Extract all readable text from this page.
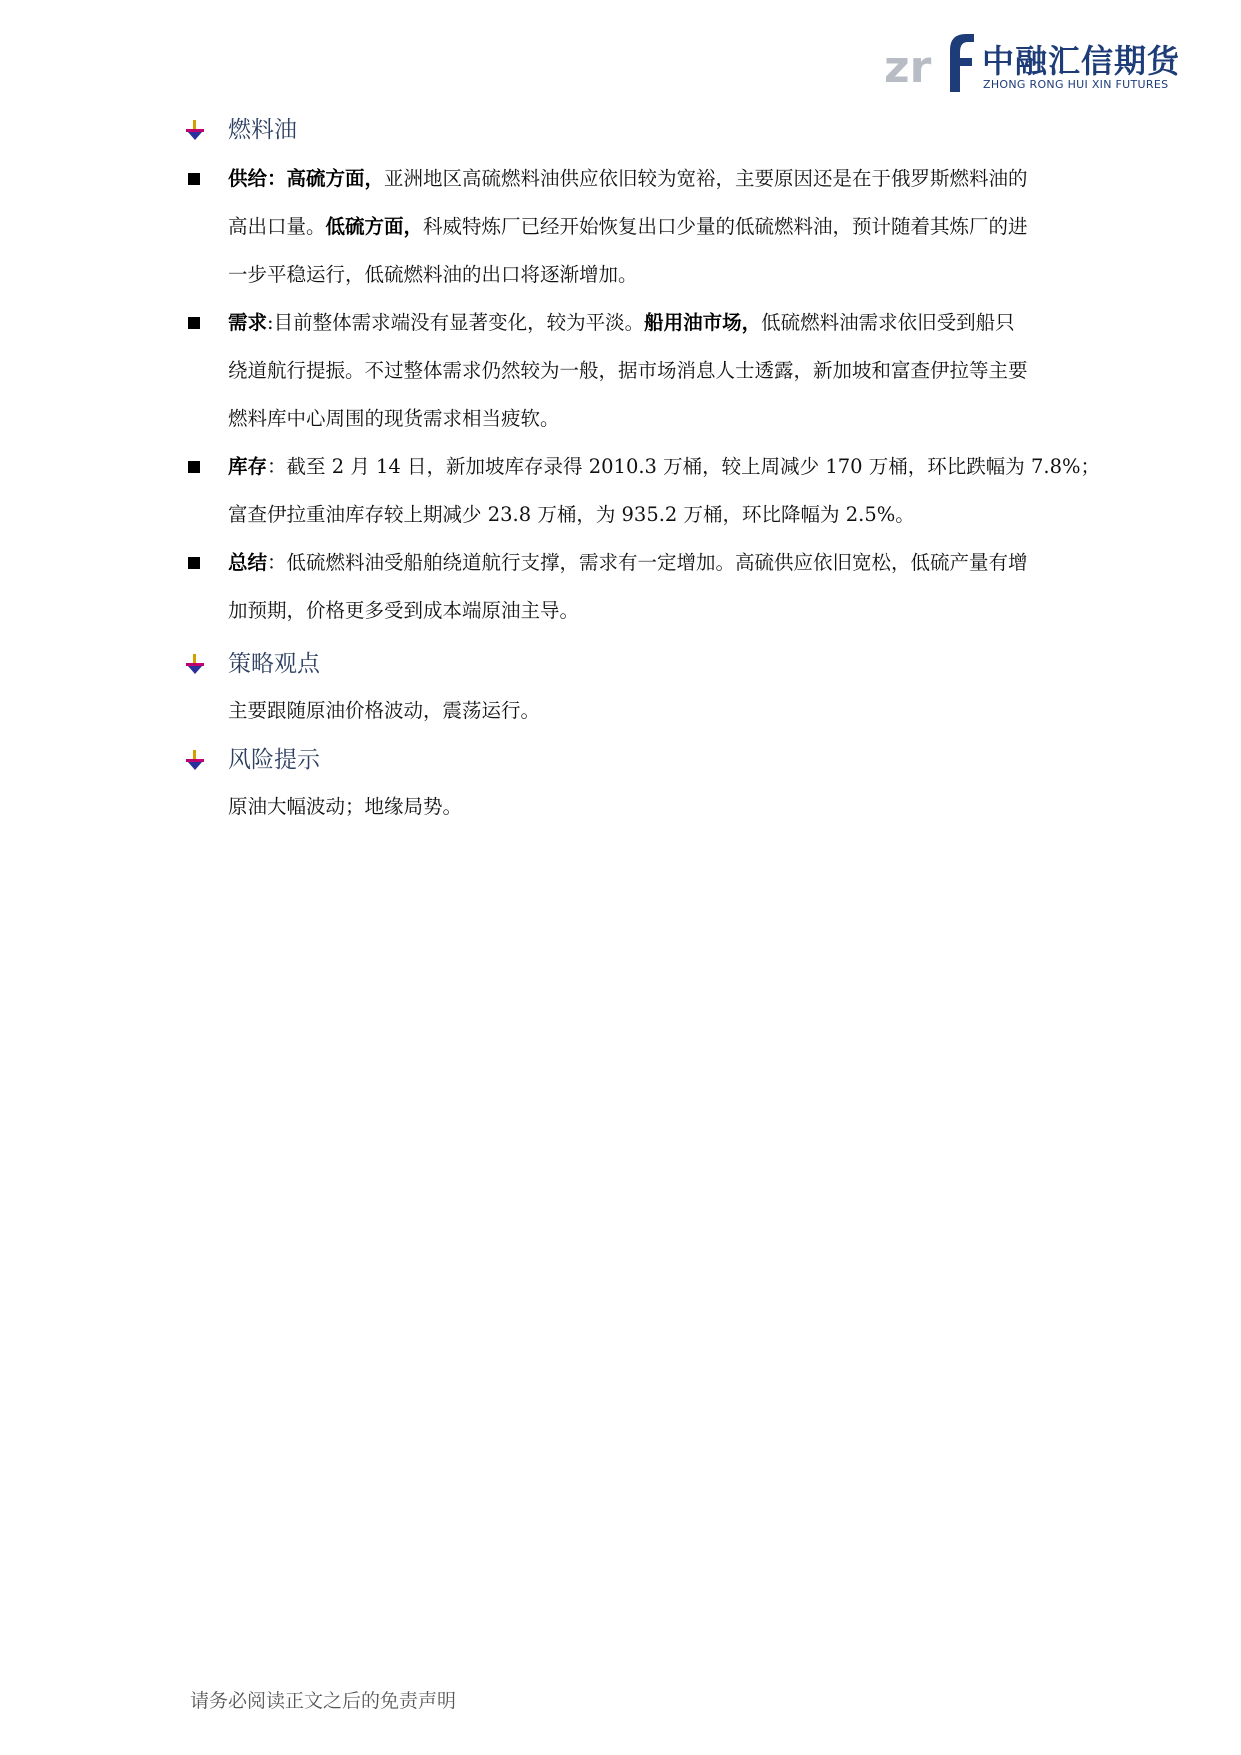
zr 中融汇信期货
ZHONG RONG HUI XIN FUTURES
燃料油
供给：高硫方面，亚洲地区高硫燃料油供应依旧较为宽裕，主要原因还是在于俄罗斯燃料油的
高出口量。低硫方面，科威特炼厂已经开始恢复出口少量的低硫燃料油，预计随着其炼厂的进
一步平稳运行，低硫燃料油的出口将逐渐增加。
需求:目前整体需求端没有显著变化，较为平淡。船用油市场，低硫燃料油需求依旧受到船只
绕道航行提振。不过整体需求仍然较为一般，据市场消息人士透露，新加坡和富查伊拉等主要
燃料库中心周围的现货需求相当疲软。
库存：截至 2 月 14 日，新加坡库存录得 2010.3 万桶，较上周减少 170 万桶，环比跌幅为 7.8%；
富查伊拉重油库存较上期减少 23.8 万桶，为 935.2 万桶，环比降幅为 2.5%。
总结：低硫燃料油受船舶绕道航行支撑，需求有一定增加。高硫供应依旧宽松，低硫产量有增
加预期，价格更多受到成本端原油主导。
策略观点
主要跟随原油价格波动，震荡运行。
风险提示
原油大幅波动；地缘局势。
请务必阅读正文之后的免责声明
